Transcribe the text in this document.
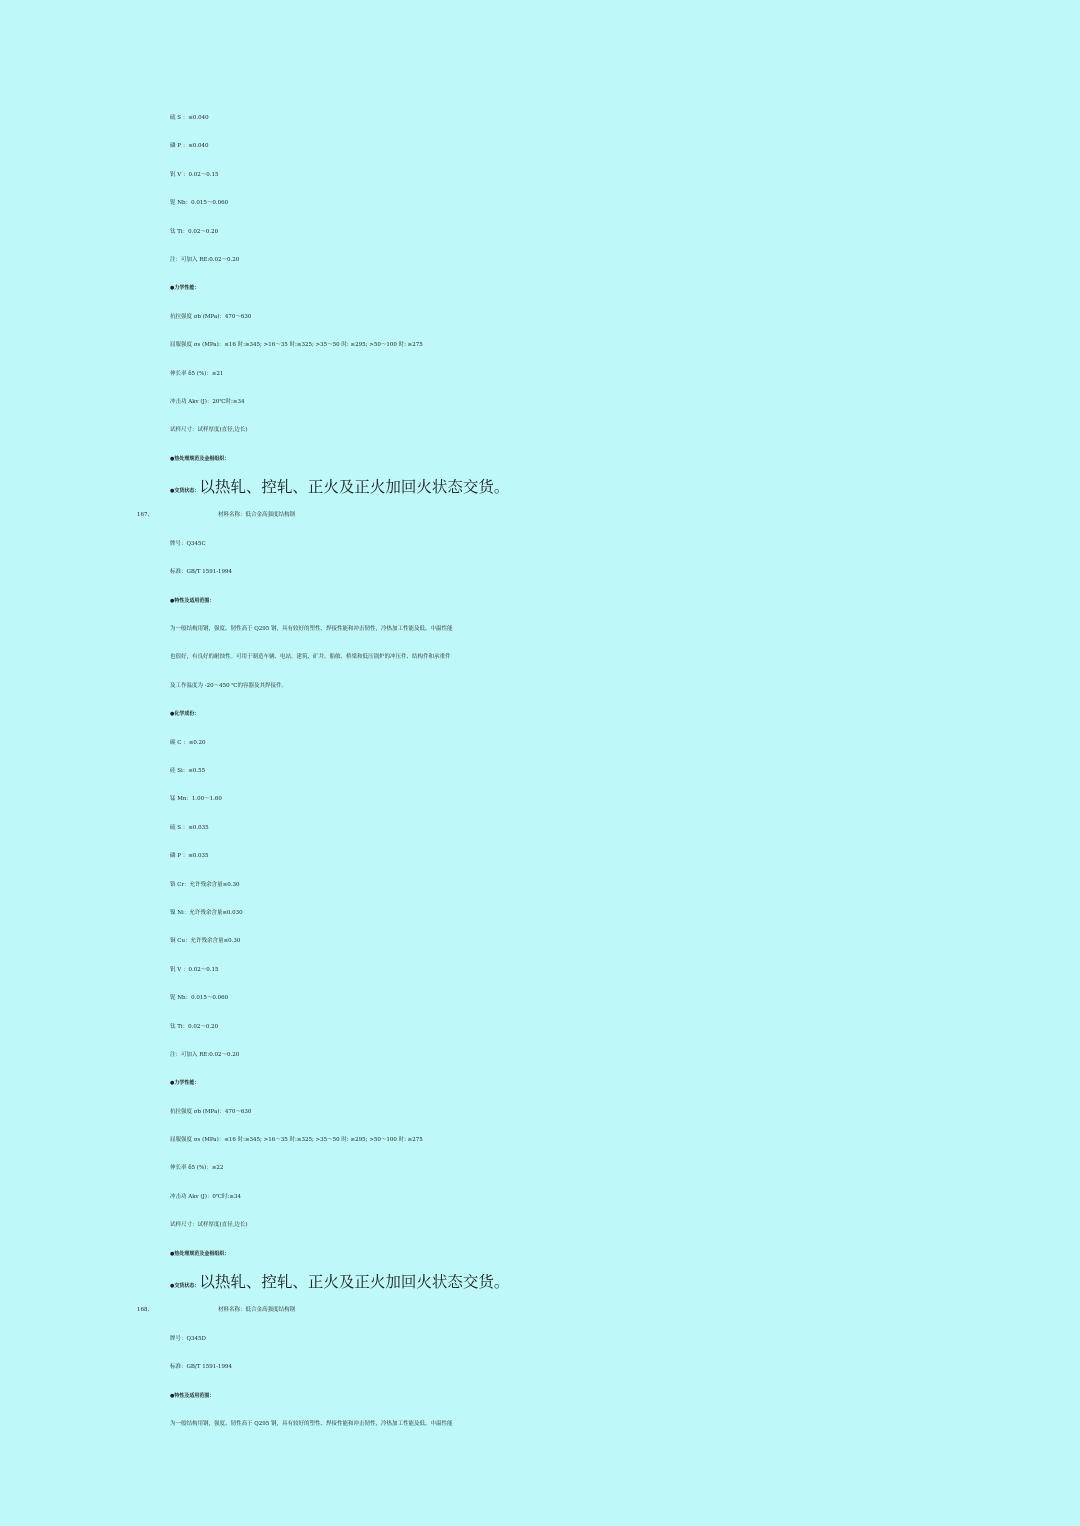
硫 S ：≤0.040
磷 P ：≤0.040
钒 V ：0.02～0.15
铌 Nb：0.015～0.060
钛 Ti：0.02～0.20
注：可加入 RE:0.02～0.20
●力学性能：
抗拉强度 σb (MPa)：470～630
屈服强度 σs (MPa)：≤16 时:≥345; >16～35 时:≥325; >35～50 时: ≥295; >50～100 时: ≥275
伸长率 δ5 (%)：≥21
冲击功 Akv (J)：20℃时:≥34
试样尺寸：试样厚度(直径,边长)
●热处理规范及金相组织：
●交货状态：以热轧、控轧、正火及正火加回火状态交货。
167、	材料名称：低合金高强度结构钢
牌号：Q345C
标准：GB/T 1591-1994
●特性及适用范围：
为一般结构用钢，强度、韧性高于 Q295 钢，具有较好的塑性、焊接性能和冲击韧性，冷热加工性能及低、中温性能
也很好，有良好的耐蚀性。可用于制造车辆、电站、建筑、矿井、船舶、桥梁和低压锅炉的冲压件、结构件和承重件
及工作温度为 -20～450 ℃的容器及其焊接件。
●化学成份：
碳 C ：≤0.20
硅 Si：≤0.55
锰 Mn：1.00～1.60
硫 S ：≤0.035
磷 P ：≤0.035
铬 Cr：允许残余含量≤0.30
镍 Ni：允许残余含量≤0.030
铜 Cu：允许残余含量≤0.30
钒 V ：0.02～0.15
铌 Nb：0.015～0.060
钛 Ti：0.02～0.20
注：可加入 RE:0.02～0.20
●力学性能：
抗拉强度 σb (MPa)：470～630
屈服强度 σs (MPa)：≤16 时:≥345; >16～35 时:≥325; >35～50 时: ≥295; >50～100 时: ≥275
伸长率 δ5 (%)：≥22
冲击功 Akv (J)：0℃时:≥34
试样尺寸：试样厚度(直径,边长)
●热处理规范及金相组织：
●交货状态：以热轧、控轧、正火及正火加回火状态交货。
168、	材料名称：低合金高强度结构钢
牌号：Q345D
标准：GB/T 1591-1994
●特性及适用范围：
为一般结构用钢，强度、韧性高于 Q295 钢，具有较好的塑性、焊接性能和冲击韧性，冷热加工性能及低、中温性能
